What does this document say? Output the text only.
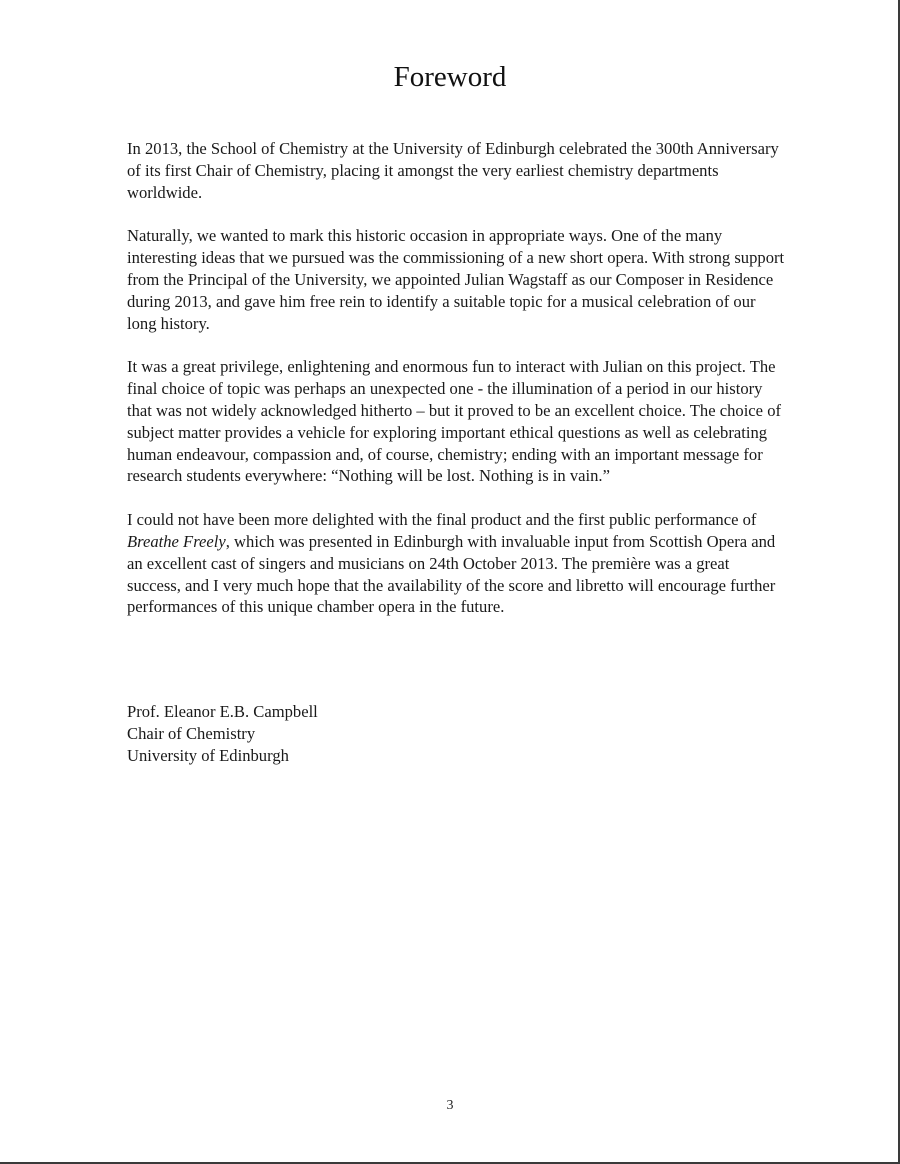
Foreword

In 2013, the School of Chemistry at the University of Edinburgh celebrated the 300th Anniversary of its first Chair of Chemistry, placing it amongst the very earliest chemistry departments worldwide.

Naturally, we wanted to mark this historic occasion in appropriate ways. One of the many interesting ideas that we pursued was the commissioning of a new short opera. With strong support from the Principal of the University, we appointed Julian Wagstaff as our Composer in Residence during 2013, and gave him free rein to identify a suitable topic for a musical celebration of our long history.

It was a great privilege, enlightening and enormous fun to interact with Julian on this project. The final choice of topic was perhaps an unexpected one - the illumination of a period in our history that was not widely acknowledged hitherto – but it proved to be an excellent choice. The choice of subject matter provides a vehicle for exploring important ethical questions as well as celebrating human endeavour, compassion and, of course, chemistry; ending with an important message for research students everywhere: “Nothing will be lost. Nothing is in vain.”

I could not have been more delighted with the final product and the first public performance of Breathe Freely, which was presented in Edinburgh with invaluable input from Scottish Opera and an excellent cast of singers and musicians on 24th October 2013. The première was a great success, and I very much hope that the availability of the score and libretto will encourage further performances of this unique chamber opera in the future.

Prof. Eleanor E.B. Campbell
Chair of Chemistry
University of Edinburgh
3
